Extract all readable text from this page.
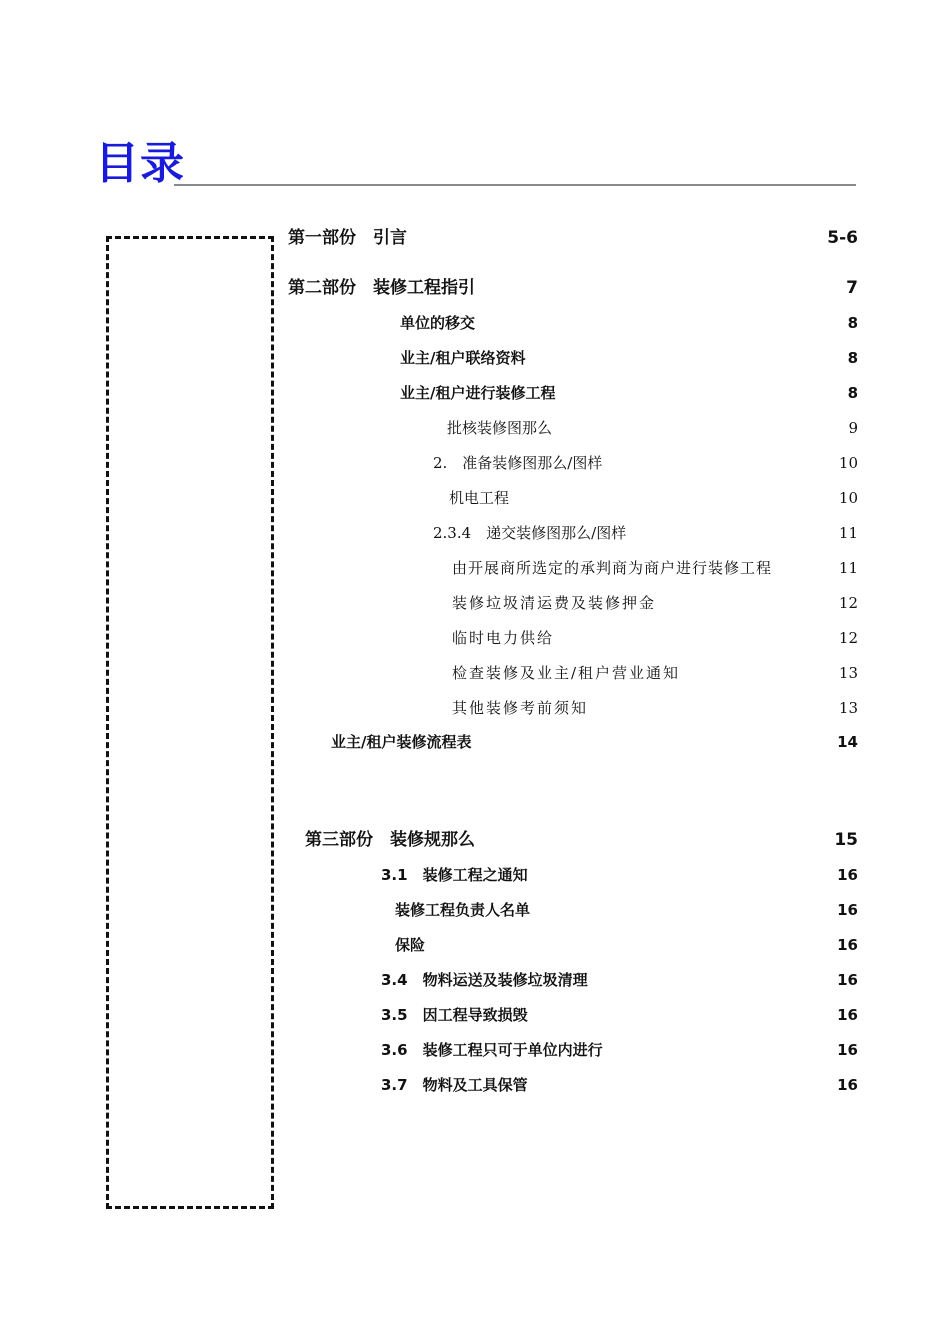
目录
第一部份　引言	5-6
第二部份　装修工程指引	7
单位的移交	8
业主/租户联络资料	8
业主/租户进行装修工程	8
批核装修图那么	9
2.　准备装修图那么/图样	10
机电工程	10
2.3.4　递交装修图那么/图样	11
由开展商所选定的承判商为商户进行装修工程	11
装修垃圾清运费及装修押金	12
临时电力供给	12
检查装修及业主/租户营业通知	13
其他装修考前须知	13
业主/租户装修流程表	14
第三部份　装修规那么	15
3.1　装修工程之通知	16
装修工程负责人名单	16
保险	16
3.4　物料运送及装修垃圾清理	16
3.5　因工程导致损毁	16
3.6　装修工程只可于单位内进行	16
3.7　物料及工具保管	16
